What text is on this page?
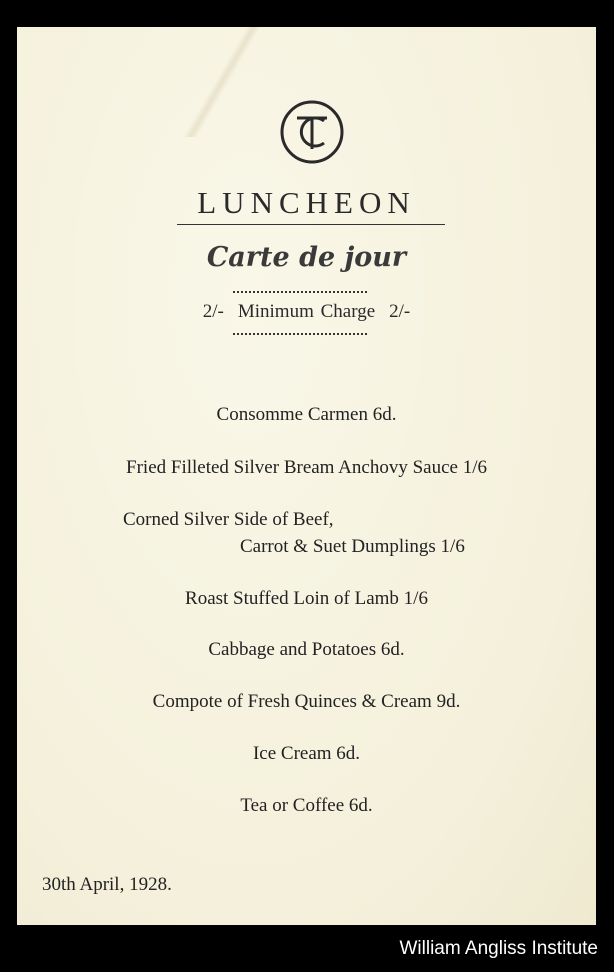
LUNCHEON
Carte de jour
2/- Minimum Charge 2/-
Consomme Carmen 6d.
Fried Filleted Silver Bream Anchovy Sauce 1/6
Corned Silver Side of Beef,
Carrot & Suet Dumplings 1/6
Roast Stuffed Loin of Lamb 1/6
Cabbage and Potatoes 6d.
Compote of Fresh Quinces & Cream 9d.
Ice Cream 6d.
Tea or Coffee 6d.
30th April, 1928.
William Angliss Institute
